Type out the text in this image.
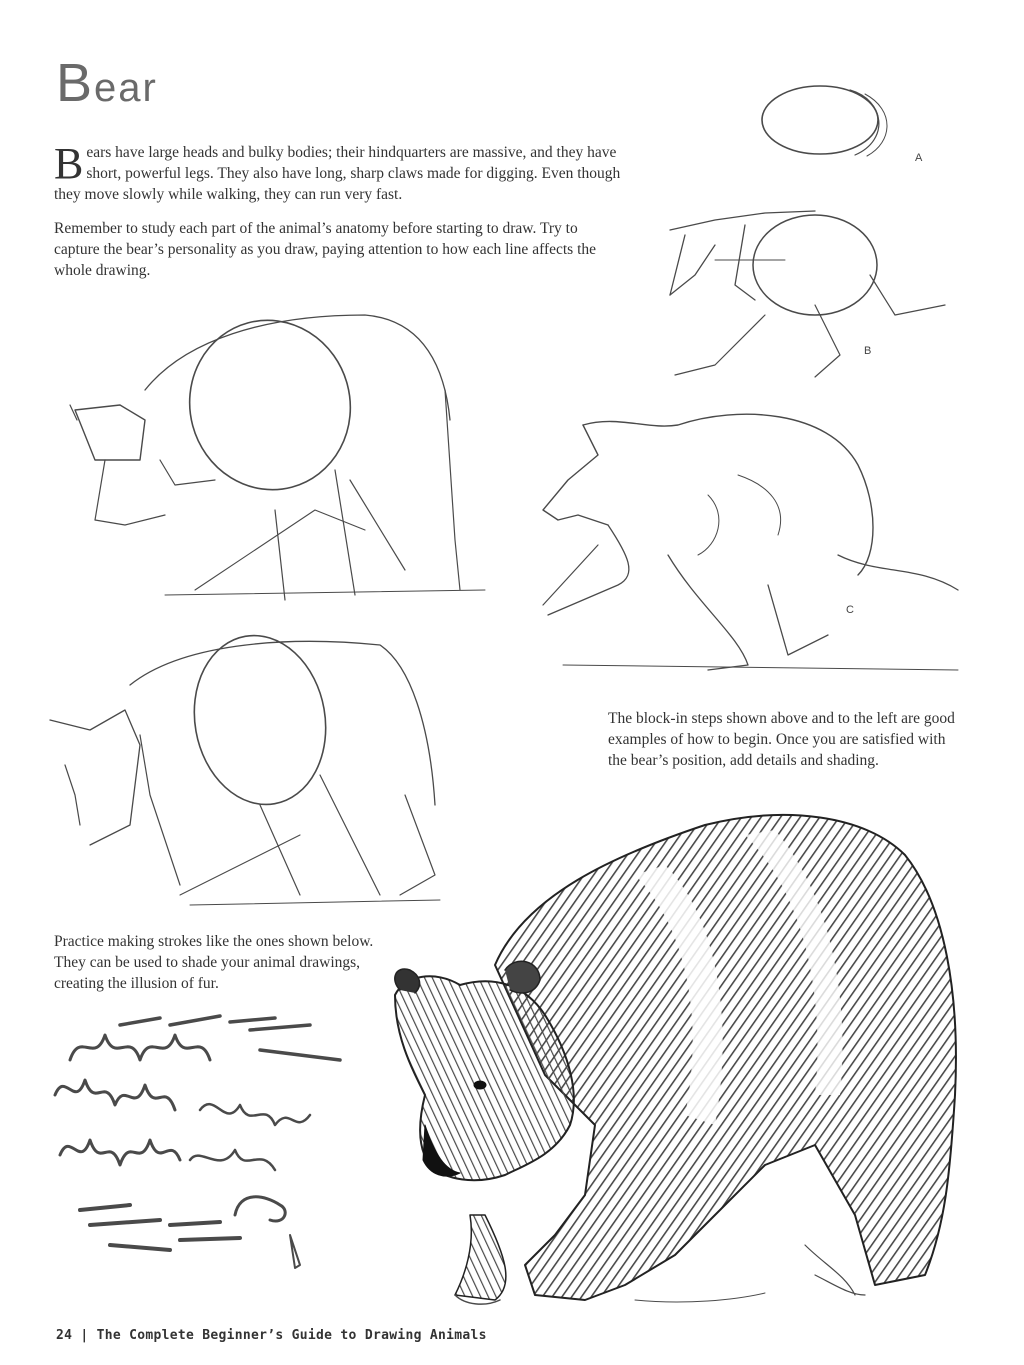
Bear
Bears have large heads and bulky bodies; their hindquarters are massive, and they have short, powerful legs. They also have long, sharp claws made for digging. Even though they move slowly while walking, they can run very fast.
Remember to study each part of the animal’s anatomy before starting to draw. Try to capture the bear’s personality as you draw, paying attention to how each line affects the whole drawing.
A
B
C
The block-in steps shown above and to the left are good examples of how to begin. Once you are satisfied with the bear’s position, add details and shading.
Practice making strokes like the ones shown below. They can be used to shade your animal drawings, creating the illusion of fur.
24 | The Complete Beginner’s Guide to Drawing Animals
